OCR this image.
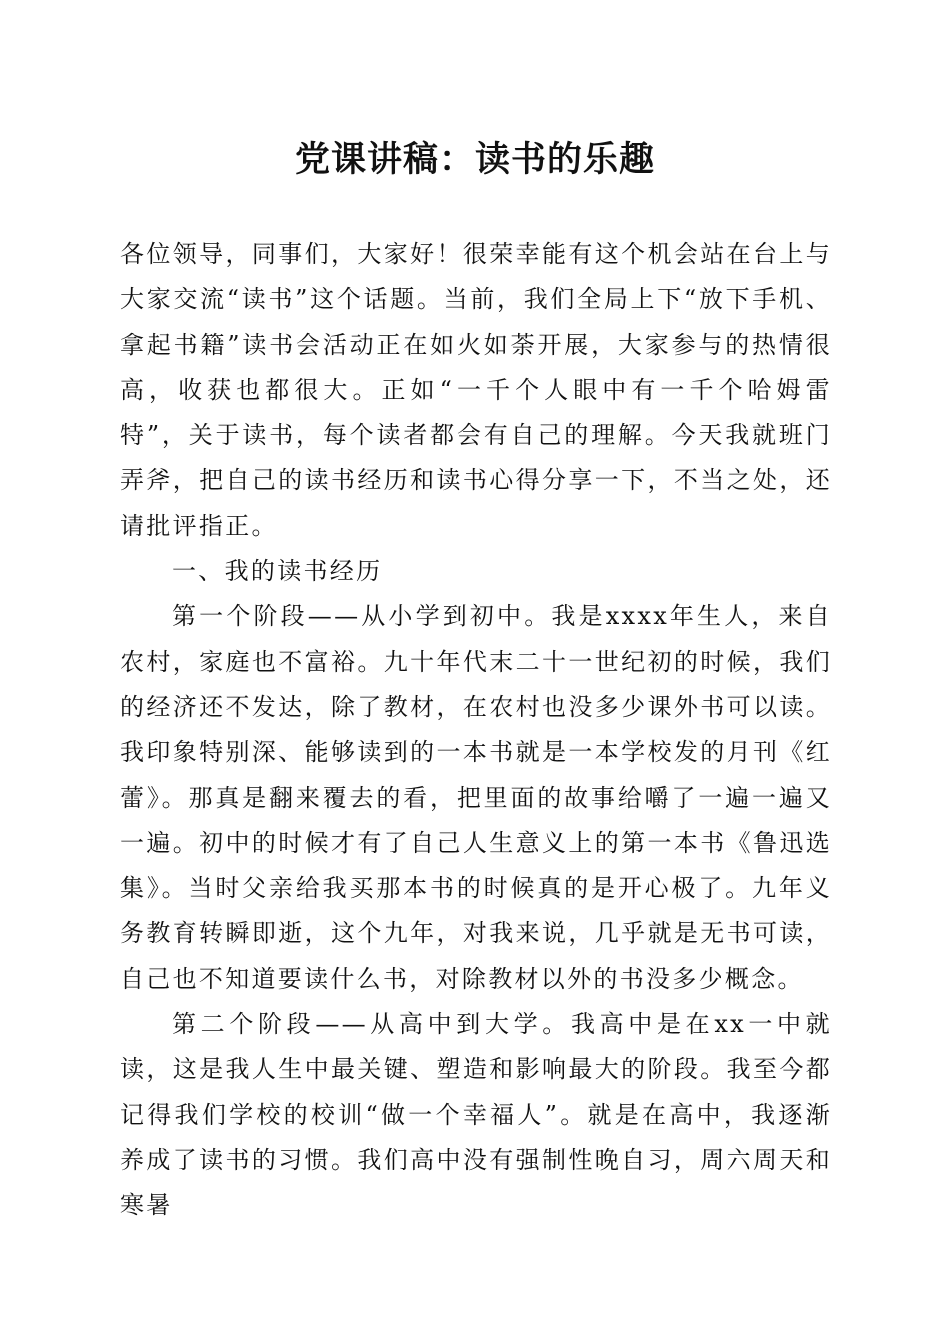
党课讲稿：读书的乐趣

各位领导，同事们，大家好！很荣幸能有这个机会站在台上与大家交流“读书”这个话题。当前，我们全局上下“放下手机、拿起书籍”读书会活动正在如火如荼开展，大家参与的热情很高，收获也都很大。正如“一千个人眼中有一千个哈姆雷特”，关于读书，每个读者都会有自己的理解。今天我就班门弄斧，把自己的读书经历和读书心得分享一下，不当之处，还请批评指正。

一、我的读书经历

第一个阶段——从小学到初中。我是xxxx年生人，来自农村，家庭也不富裕。九十年代末二十一世纪初的时候，我们的经济还不发达，除了教材，在农村也没多少课外书可以读。我印象特别深、能够读到的一本书就是一本学校发的月刊《红蕾》。那真是翻来覆去的看，把里面的故事给嚼了一遍一遍又一遍。初中的时候才有了自己人生意义上的第一本书《鲁迅选集》。当时父亲给我买那本书的时候真的是开心极了。九年义务教育转瞬即逝，这个九年，对我来说，几乎就是无书可读，自己也不知道要读什么书，对除教材以外的书没多少概念。

第二个阶段——从高中到大学。我高中是在xx一中就读，这是我人生中最关键、塑造和影响最大的阶段。我至今都记得我们学校的校训“做一个幸福人”。就是在高中，我逐渐养成了读书的习惯。我们高中没有强制性晚自习，周六周天和寒暑
